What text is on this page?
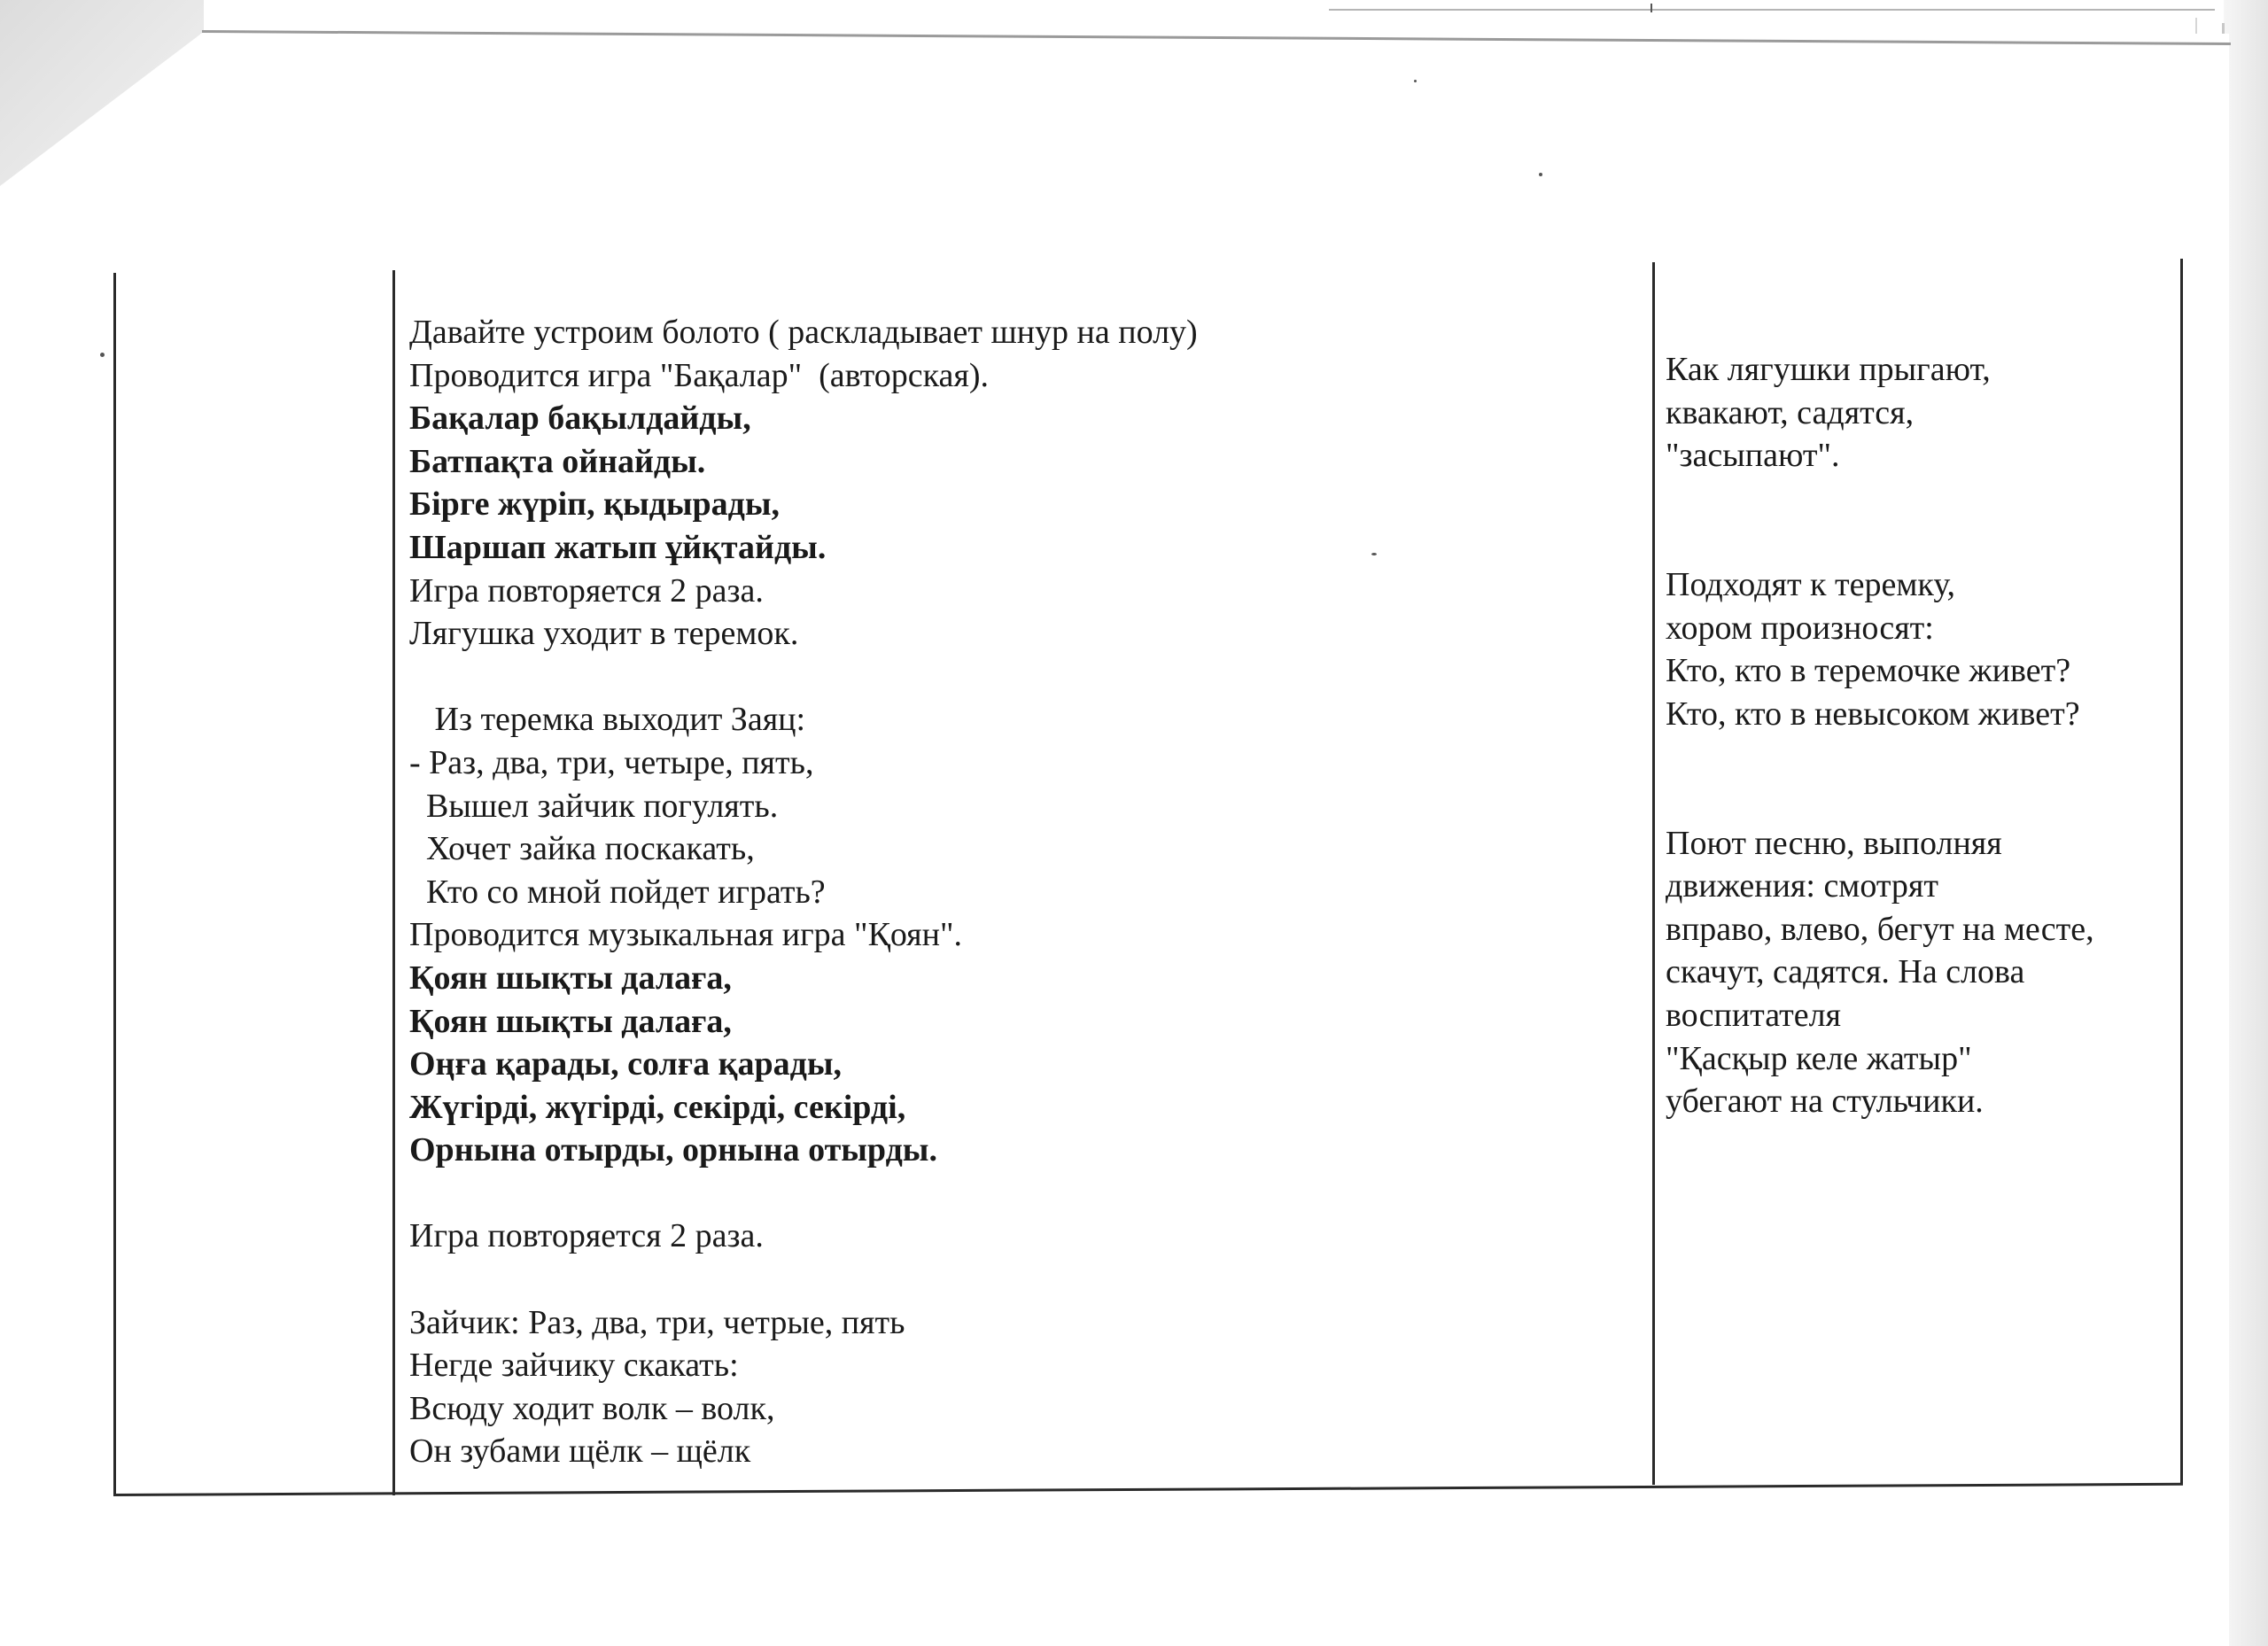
Давайте устроим болото ( раскладывает шнур на полу)
Проводится игра "Бақалар"  (авторская).
Бақалар бақылдайды,
Батпақта ойнайды.
Бірге жүріп, қыдырады,
Шаршап жатып ұйқтайды.
Игра повторяется 2 раза.
Лягушка уходит в теремок.
Из теремка выходит Заяц:
- Раз, два, три, четыре, пять,
Вышел зайчик погулять.
Хочет зайка поскакать,
Кто со мной пойдет играть?
Проводится музыкальная игра "Қоян".
Қоян шықты далаға,
Қоян шықты далаға,
Оңға қарады, солға қарады,
Жүгірді, жүгірді, секірді, секірді,
Орнына отырды, орнына отырды.
Игра повторяется 2 раза.
Зайчик: Раз, два, три, четрые, пять
Негде зайчику скакать:
Всюду ходит волк – волк,
Он зубами щёлк – щёлк
Как лягушки прыгают,
квакают, садятся,
"засыпают".
Подходят к теремку,
хором произносят:
Кто, кто в теремочке живет?
Кто, кто в невысоком живет?
Поют песню, выполняя
движения: смотрят
вправо, влево, бегут на месте,
скачут, садятся. На слова
воспитателя
"Қасқыр келе жатыр"
убегают на стульчики.
